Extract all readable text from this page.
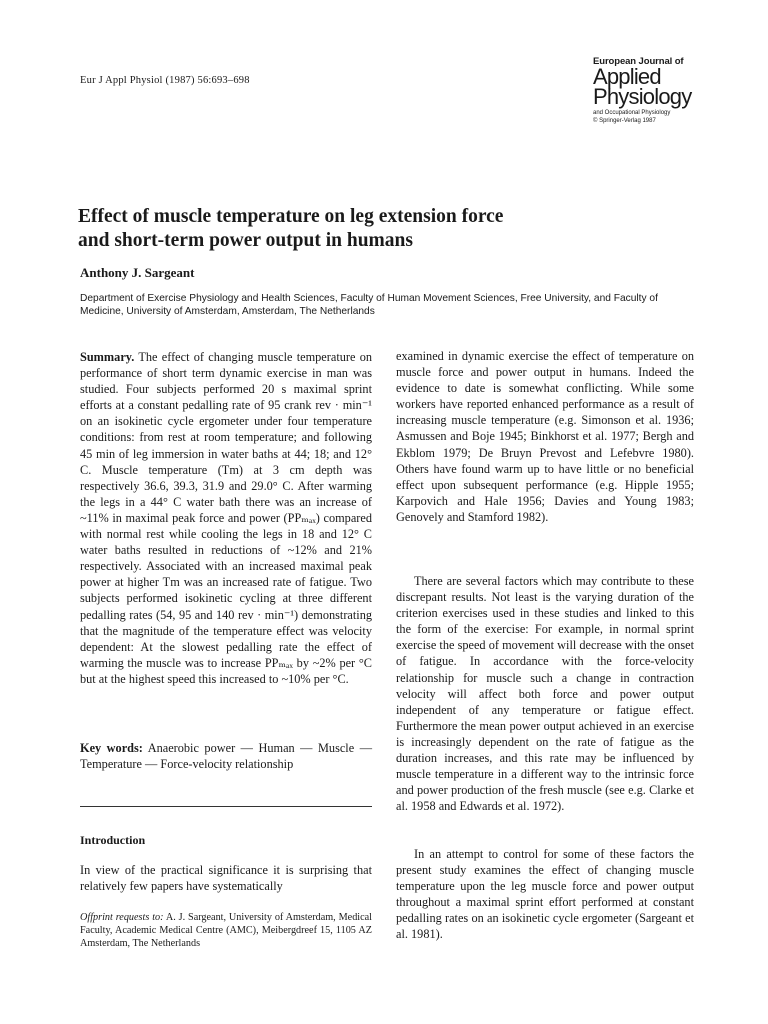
Eur J Appl Physiol (1987) 56:693–698
European Journal of
Applied
Physiology
and Occupational Physiology
© Springer-Verlag 1987
Effect of muscle temperature on leg extension force
and short-term power output in humans
Anthony J. Sargeant
Department of Exercise Physiology and Health Sciences, Faculty of Human Movement Sciences, Free University, and Faculty of Medicine, University of Amsterdam, Amsterdam, The Netherlands
Summary. The effect of changing muscle temperature on performance of short term dynamic exercise in man was studied. Four subjects performed 20 s maximal sprint efforts at a constant pedalling rate of 95 crank rev · min⁻¹ on an isokinetic cycle ergometer under four temperature conditions: from rest at room temperature; and following 45 min of leg immersion in water baths at 44; 18; and 12° C. Muscle temperature (Tm) at 3 cm depth was respectively 36.6, 39.3, 31.9 and 29.0° C. After warming the legs in a 44° C water bath there was an increase of ~11% in maximal peak force and power (PPₘₐₓ) compared with normal rest while cooling the legs in 18 and 12° C water baths resulted in reductions of ~12% and 21% respectively. Associated with an increased maximal peak power at higher Tm was an increased rate of fatigue. Two subjects performed isokinetic cycling at three different pedalling rates (54, 95 and 140 rev · min⁻¹) demonstrating that the magnitude of the temperature effect was velocity dependent: At the slowest pedalling rate the effect of warming the muscle was to increase PPₘₐₓ by ~2% per °C but at the highest speed this increased to ~10% per °C.
Key words: Anaerobic power — Human — Muscle — Temperature — Force-velocity relationship
Introduction
In view of the practical significance it is surprising that relatively few papers have systematically
Offprint requests to: A. J. Sargeant, University of Amsterdam, Medical Faculty, Academic Medical Centre (AMC), Meibergdreef 15, 1105 AZ Amsterdam, The Netherlands
examined in dynamic exercise the effect of temperature on muscle force and power output in humans. Indeed the evidence to date is somewhat conflicting. While some workers have reported enhanced performance as a result of increasing muscle temperature (e.g. Simonson et al. 1936; Asmussen and Boje 1945; Binkhorst et al. 1977; Bergh and Ekblom 1979; De Bruyn Prevost and Lefebvre 1980). Others have found warm up to have little or no beneficial effect upon subsequent performance (e.g. Hipple 1955; Karpovich and Hale 1956; Davies and Young 1983; Genovely and Stamford 1982).
There are several factors which may contribute to these discrepant results. Not least is the varying duration of the criterion exercises used in these studies and linked to this the form of the exercise: For example, in normal sprint exercise the speed of movement will decrease with the onset of fatigue. In accordance with the force-velocity relationship for muscle such a change in contraction velocity will affect both force and power output independent of any temperature or fatigue effect. Furthermore the mean power output achieved in an exercise is increasingly dependent on the rate of fatigue as the duration increases, and this rate may be influenced by muscle temperature in a different way to the intrinsic force and power production of the fresh muscle (see e.g. Clarke et al. 1958 and Edwards et al. 1972).
In an attempt to control for some of these factors the present study examines the effect of changing muscle temperature upon the leg muscle force and power output throughout a maximal sprint effort performed at constant pedalling rates on an isokinetic cycle ergometer (Sargeant et al. 1981).
